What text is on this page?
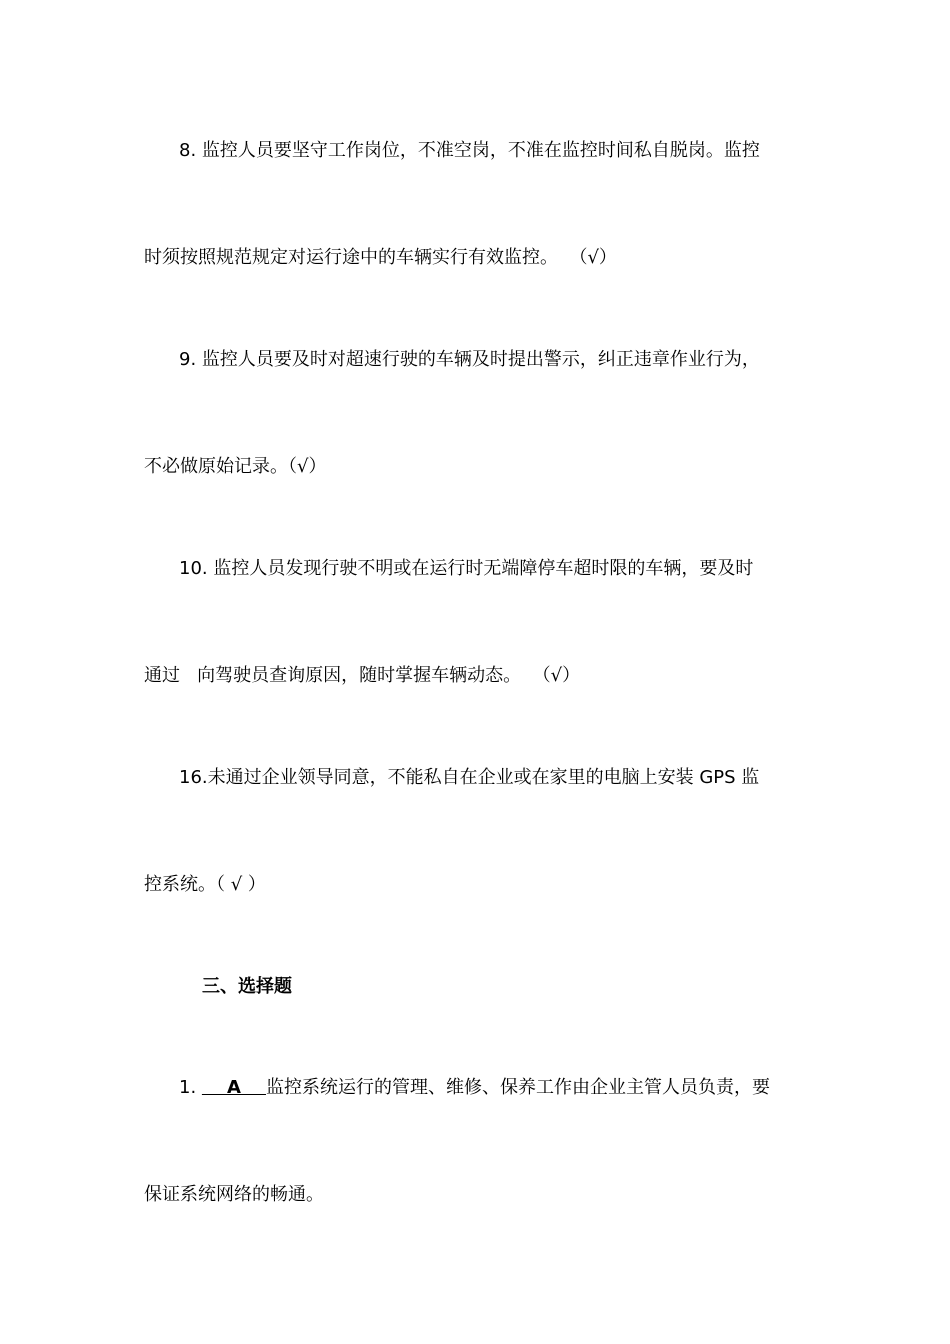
8. 监控人员要坚守工作岗位，不准空岗，不准在监控时间私自脱岗。监控
时须按照规范规定对运行途中的车辆实行有效监控。  （√）
9. 监控人员要及时对超速行驶的车辆及时提出警示，纠正违章作业行为，
不必做原始记录。（√）
10. 监控人员发现行驶不明或在运行时无端障停车超时限的车辆，要及时
通过   向驾驶员查询原因，随时掌握车辆动态。  （√）
16.未通过企业领导同意，不能私自在企业或在家里的电脑上安装 GPS 监
控系统。（ √ ）
三、选择题
1.     A    监控系统运行的管理、维修、保养工作由企业主管人员负责，要
保证系统网络的畅通。
